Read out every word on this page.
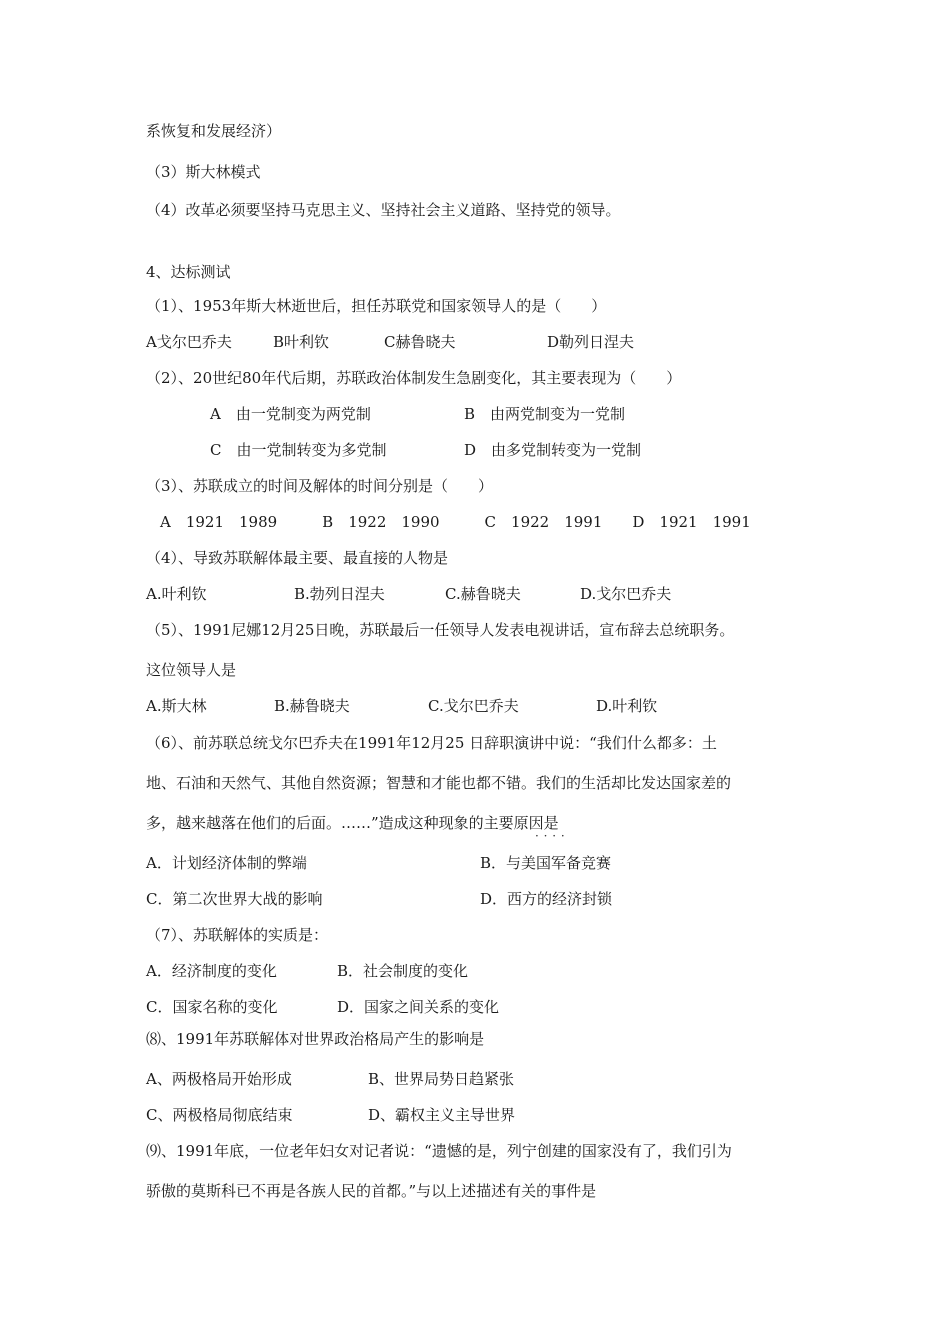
系恢复和发展经济）
（3）斯大林模式
（4）改革必须要坚持马克思主义、坚持社会主义道路、坚持党的领导。
4、达标测试
（1）、1953年斯大林逝世后，担任苏联党和国家领导人的是（　　）
A戈尔巴乔夫	B叶利钦	C赫鲁晓夫	D勒列日涅夫
（2）、20世纪80年代后期，苏联政治体制发生急剧变化，其主要表现为（　　）
A　由一党制变为两党制	B　由两党制变为一党制
C　由一党制转变为多党制	D　由多党制转变为一党制
（3）、苏联成立的时间及解体的时间分别是（　　）
A　1921　1989　　　B　1922　1990　　　C　1922　1991　　D　1921　1991
（4）、导致苏联解体最主要、最直接的人物是
A.叶利钦	B.勃列日涅夫	C.赫鲁晓夫	D.戈尔巴乔夫
（5）、1991尼娜12月25日晚，苏联最后一任领导人发表电视讲话，宣布辞去总统职务。
这位领导人是
A.斯大林	B.赫鲁晓夫	C.戈尔巴乔夫	D.叶利钦
（6）、前苏联总统戈尔巴乔夫在1991年12月25 日辞职演讲中说：“我们什么都多：土
地、石油和天然气、其他自然资源；智慧和才能也都不错。我们的生活却比发达国家差的
多，越来越落在他们的后面。……”造成这种现象的主要原因是
·  ·  ·  ·
A．计划经济体制的弊端	B．与美国军备竞赛
C．第二次世界大战的影响	D．西方的经济封锁
（7）、苏联解体的实质是：
A．经济制度的变化	B．社会制度的变化
C．国家名称的变化	D．国家之间关系的变化
⑻、1991年苏联解体对世界政治格局产生的影响是
A、两极格局开始形成	B、世界局势日趋紧张
C、两极格局彻底结束	D、霸权主义主导世界
⑼、1991年底，一位老年妇女对记者说：“遗憾的是，列宁创建的国家没有了，我们引为
骄傲的莫斯科已不再是各族人民的首都。”与以上述描述有关的事件是
